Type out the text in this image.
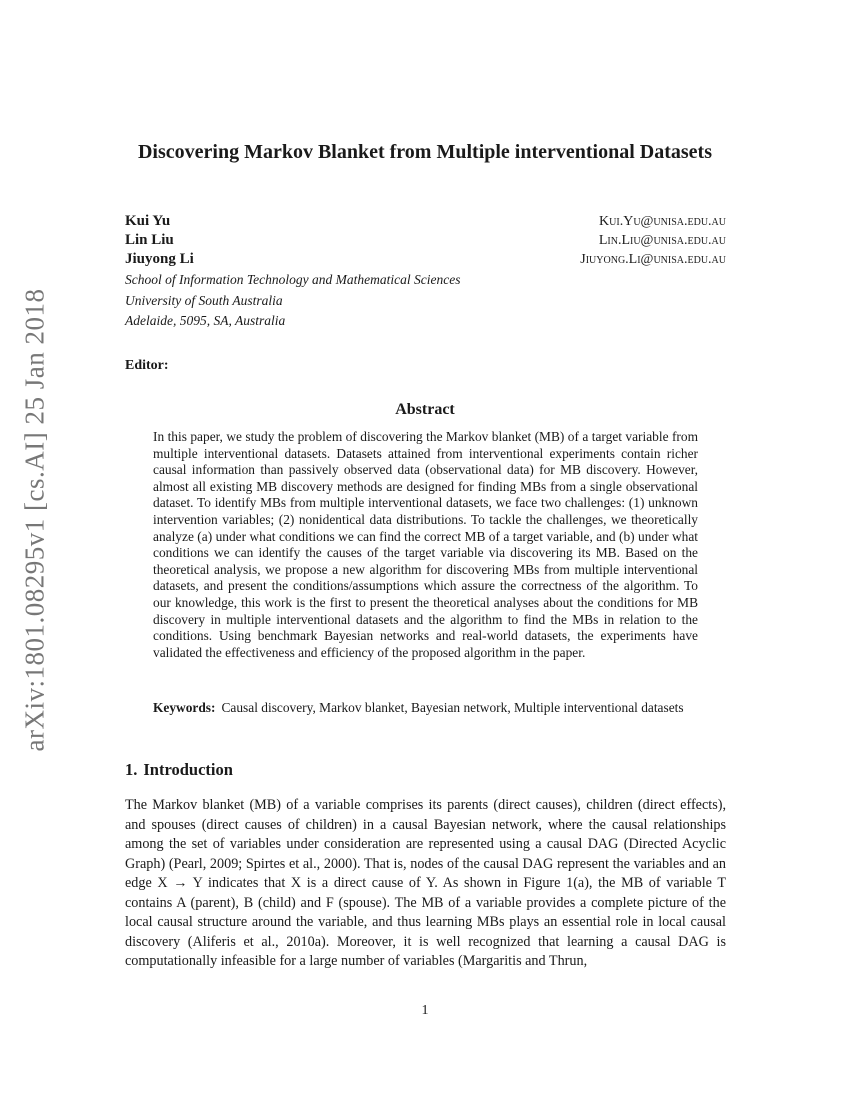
arXiv:1801.08295v1 [cs.AI] 25 Jan 2018
Discovering Markov Blanket from Multiple interventional Datasets
Kui Yu	Kui.Yu@unisa.edu.au
Lin Liu	Lin.Liu@unisa.edu.au
Jiuyong Li	Jiuyong.Li@unisa.edu.au
School of Information Technology and Mathematical Sciences
University of South Australia
Adelaide, 5095, SA, Australia
Editor:
Abstract

In this paper, we study the problem of discovering the Markov blanket (MB) of a target variable from multiple interventional datasets. Datasets attained from interventional experiments contain richer causal information than passively observed data (observational data) for MB discovery. However, almost all existing MB discovery methods are designed for finding MBs from a single observational dataset. To identify MBs from multiple interventional datasets, we face two challenges: (1) unknown intervention variables; (2) nonidentical data distributions. To tackle the challenges, we theoretically analyze (a) under what conditions we can find the correct MB of a target variable, and (b) under what conditions we can identify the causes of the target variable via discovering its MB. Based on the theoretical analysis, we propose a new algorithm for discovering MBs from multiple interventional datasets, and present the conditions/assumptions which assure the correctness of the algorithm. To our knowledge, this work is the first to present the theoretical analyses about the conditions for MB discovery in multiple interventional datasets and the algorithm to find the MBs in relation to the conditions. Using benchmark Bayesian networks and real-world datasets, the experiments have validated the effectiveness and efficiency of the proposed algorithm in the paper.

Keywords: Causal discovery, Markov blanket, Bayesian network, Multiple interventional datasets
1. Introduction

The Markov blanket (MB) of a variable comprises its parents (direct causes), children (direct effects), and spouses (direct causes of children) in a causal Bayesian network, where the causal relationships among the set of variables under consideration are represented using a causal DAG (Directed Acyclic Graph) (Pearl, 2009; Spirtes et al., 2000). That is, nodes of the causal DAG represent the variables and an edge X → Y indicates that X is a direct cause of Y. As shown in Figure 1(a), the MB of variable T contains A (parent), B (child) and F (spouse). The MB of a variable provides a complete picture of the local causal structure around the variable, and thus learning MBs plays an essential role in local causal discovery (Aliferis et al., 2010a). Moreover, it is well recognized that learning a causal DAG is computationally infeasible for a large number of variables (Margaritis and Thrun,

1
